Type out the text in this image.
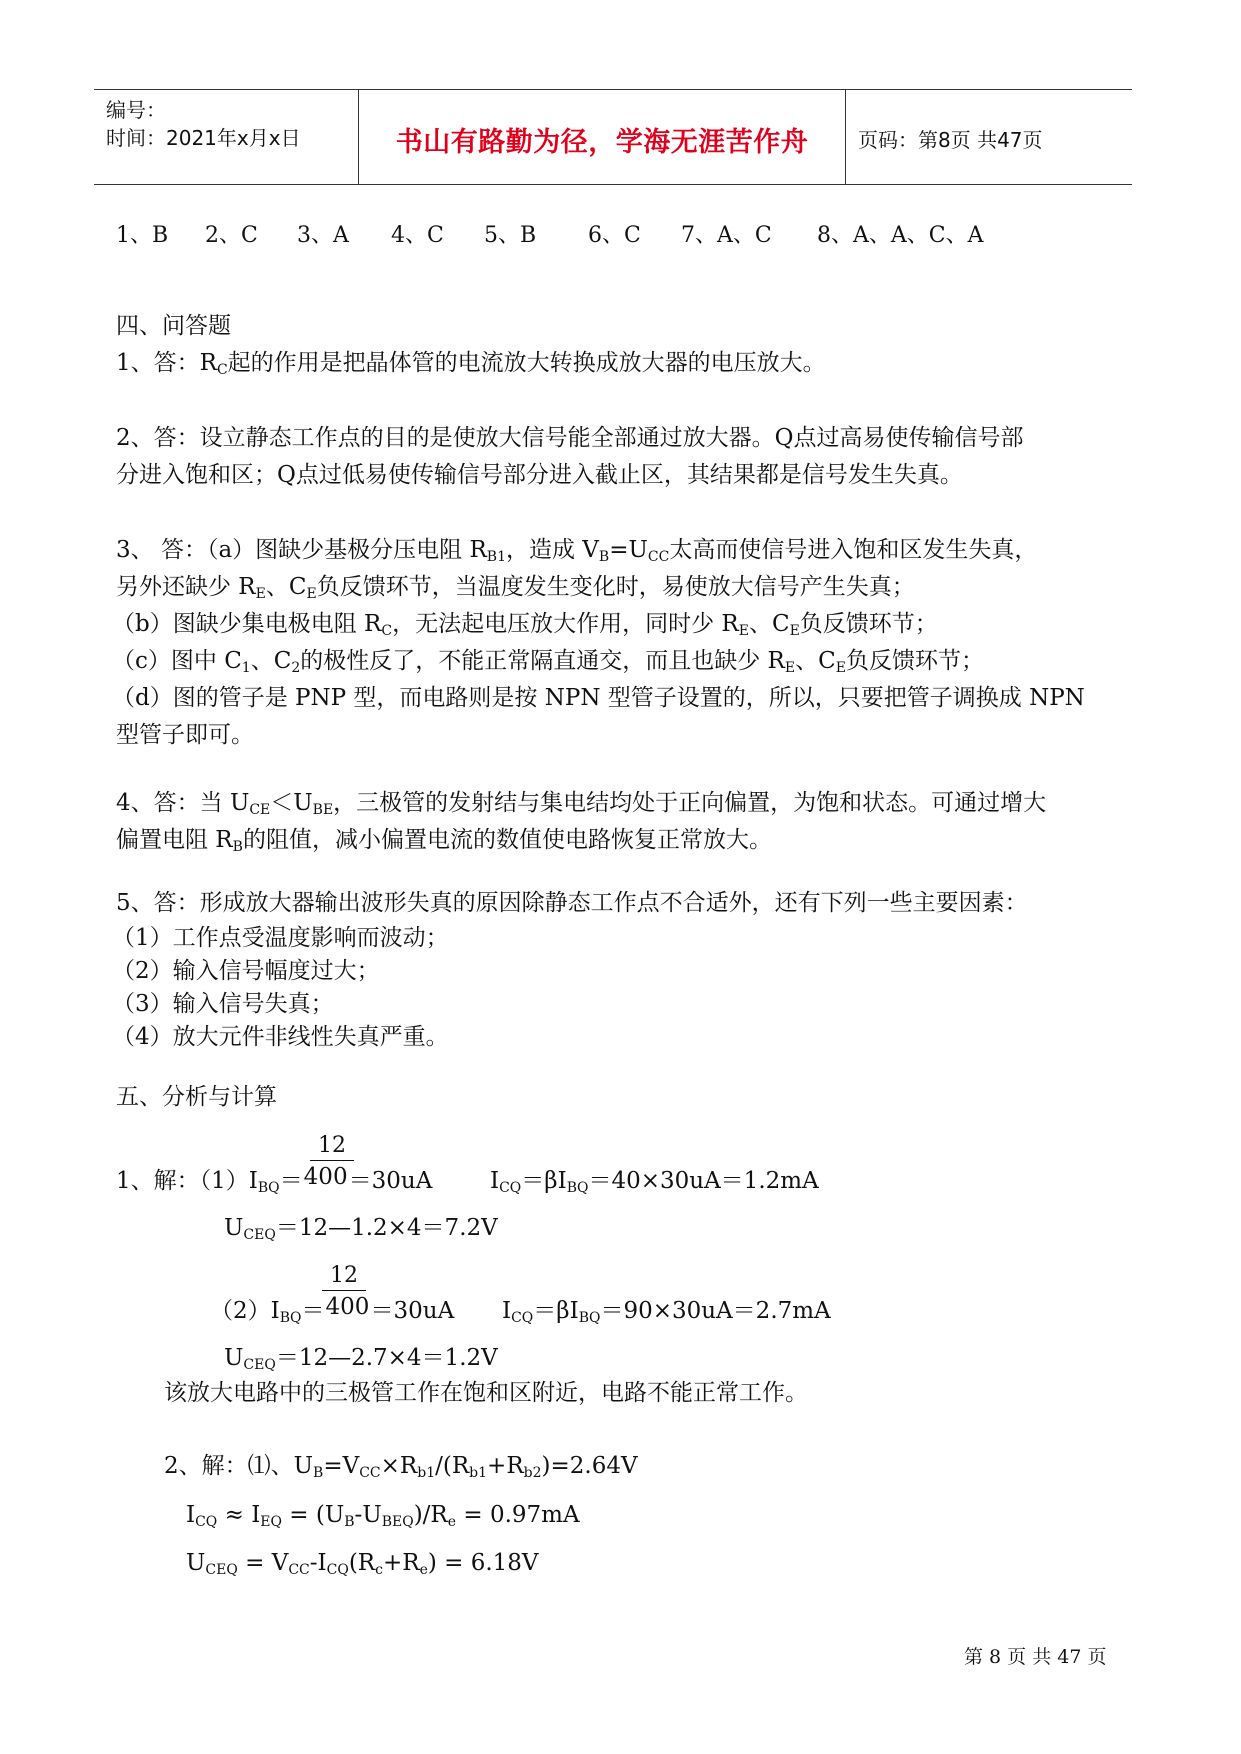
编号：
时间：2021年x月x日	书山有路勤为径，学海无涯苦作舟	页码：第8页 共47页
1、B 2、C 3、A 4、C 5、B 6、C 7、A、C 8、A、A、C、A
四、问答题
1、答：$R_C$起的作用是把晶体管的电流放大转换成放大器的电压放大。
2、答：设立静态工作点的目的是使放大信号能全部通过放大器。Q点过高易使传输信号部
分进入饱和区；Q点过低易使传输信号部分进入截止区，其结果都是信号发生失真。
3、 答：（a）图缺少基极分压电阻 $R_{B1}$，造成 $V_B=U_{CC}$太高而使信号进入饱和区发生失真，
另外还缺少 $R_E$、$C_E$负反馈环节，当温度发生变化时，易使放大信号产生失真；
（b）图缺少集电极电阻 $R_C$，无法起电压放大作用，同时少 $R_E$、$C_E$负反馈环节；
（c）图中 $C_1$、$C_2$的极性反了，不能正常隔直通交，而且也缺少 $R_E$、$C_E$负反馈环节；
（d）图的管子是 PNP 型，而电路则是按 NPN 型管子设置的，所以，只要把管子调换成 NPN
型管子即可。
4、答：当 $U_{CE}<U_{BE}$，三极管的发射结与集电结均处于正向偏置，为饱和状态。可通过增大
偏置电阻 $R_B$的阻值，减小偏置电流的数值使电路恢复正常放大。
5、答：形成放大器输出波形失真的原因除静态工作点不合适外，还有下列一些主要因素：
（1）工作点受温度影响而波动；
（2）输入信号幅度过大；
（3）输入信号失真；
（4）放大元件非线性失真严重。
五、分析与计算
12
1、解：$(1)I_{BQ}=400=30uA$	$I_{CQ}=\beta I_{BQ}=40\times 30uA=1.2mA$
$U_{CEQ}=12—1.2\times 4=7.2V$
12
$(2)I_{BQ}=400=30uA$ $I_{CQ}=\beta I_{BQ}=90\times 30uA=2.7mA$
$U_{CEQ}=12—2.7\times 4=1.2V$
该放大电路中的三极管工作在饱和区附近，电路不能正常工作。
2、解：⑴、$U_B=V_{CC}\times R_{b1}/(R_{b1}+R_{b2})=2.64V$
$I_{CQ} \approx I_{EQ} = (U_B-U_{BEQ})/R_e = 0.97mA$
$U_{CEQ} = V_{CC}-I_{CQ}(R_c+R_e) = 6.18V$
第 8 页 共 47 页
